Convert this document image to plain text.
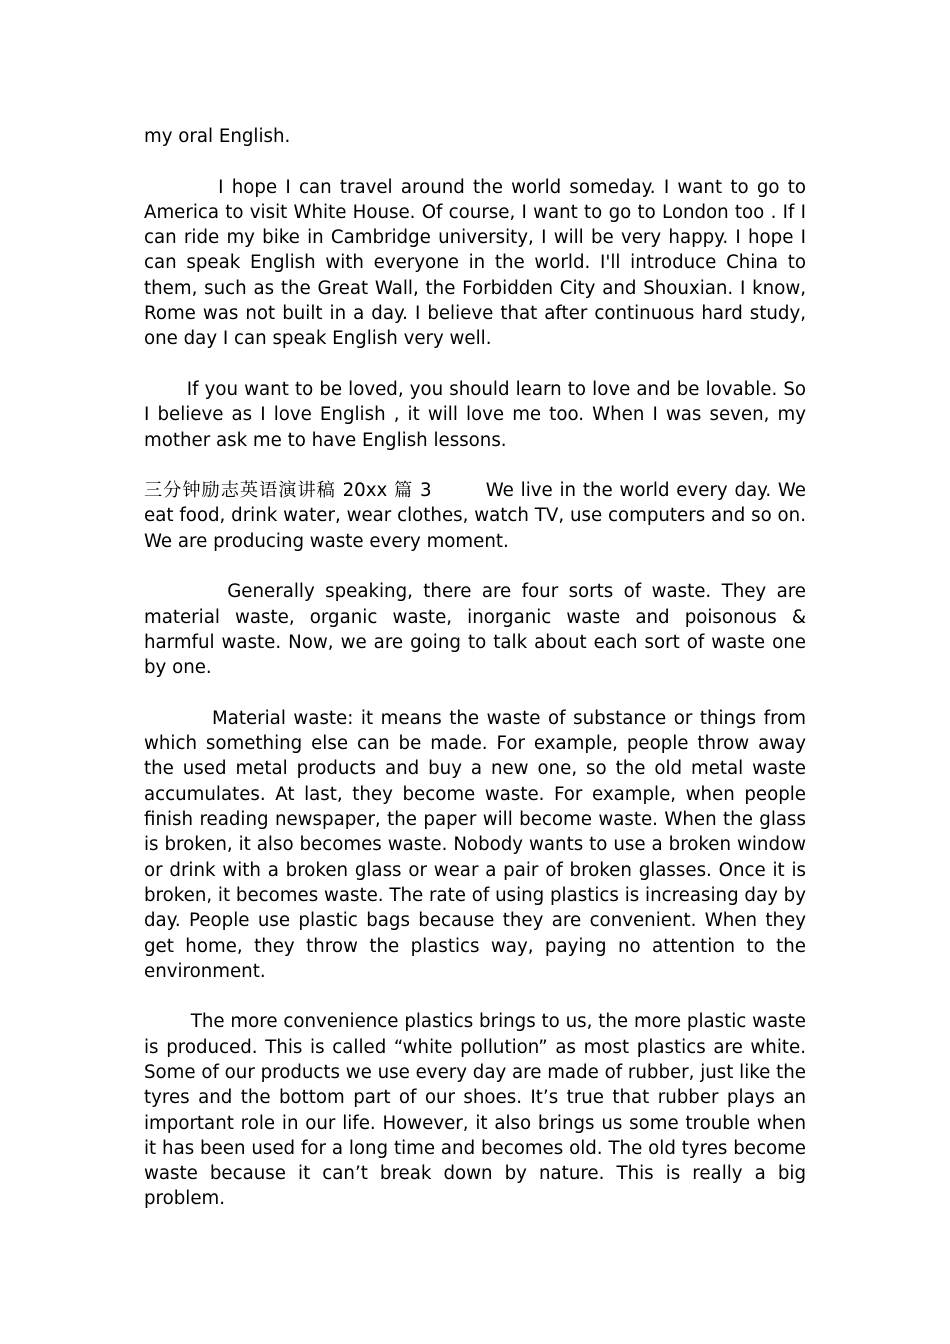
my oral English.

I hope I can travel around the world someday. I want to go to America to visit White House. Of course, I want to go to London too . If I can ride my bike in Cambridge university, I will be very happy. I hope I can speak English with everyone in the world. I'll introduce China to them, such as the Great Wall, the Forbidden City and Shouxian. I know, Rome was not built in a day. I believe that after continuous hard study, one day I can speak English very well.

If you want to be loved, you should learn to love and be lovable. So I believe as I love English , it will love me too. When I was seven, my mother ask me to have English lessons.

三分钟励志英语演讲稿 20xx 篇 3	We live in the world every day. We eat food, drink water, wear clothes, watch TV, use computers and so on. We are producing waste every moment.

Generally speaking, there are four sorts of waste. They are material waste, organic waste, inorganic waste and poisonous & harmful waste. Now, we are going to talk about each sort of waste one by one.

Material waste: it means the waste of substance or things from which something else can be made. For example, people throw away the used metal products and buy a new one, so the old metal waste accumulates. At last, they become waste. For example, when people finish reading newspaper, the paper will become waste. When the glass is broken, it also becomes waste. Nobody wants to use a broken window or drink with a broken glass or wear a pair of broken glasses. Once it is broken, it becomes waste. The rate of using plastics is increasing day by day. People use plastic bags because they are convenient. When they get home, they throw the plastics way, paying no attention to the environment.

The more convenience plastics brings to us, the more plastic waste is produced. This is called “white pollution” as most plastics are white. Some of our products we use every day are made of rubber, just like the tyres and the bottom part of our shoes. It’s true that rubber plays an important role in our life. However, it also brings us some trouble when it has been used for a long time and becomes old. The old tyres become waste because it can’t break down by nature. This is really a big problem.
